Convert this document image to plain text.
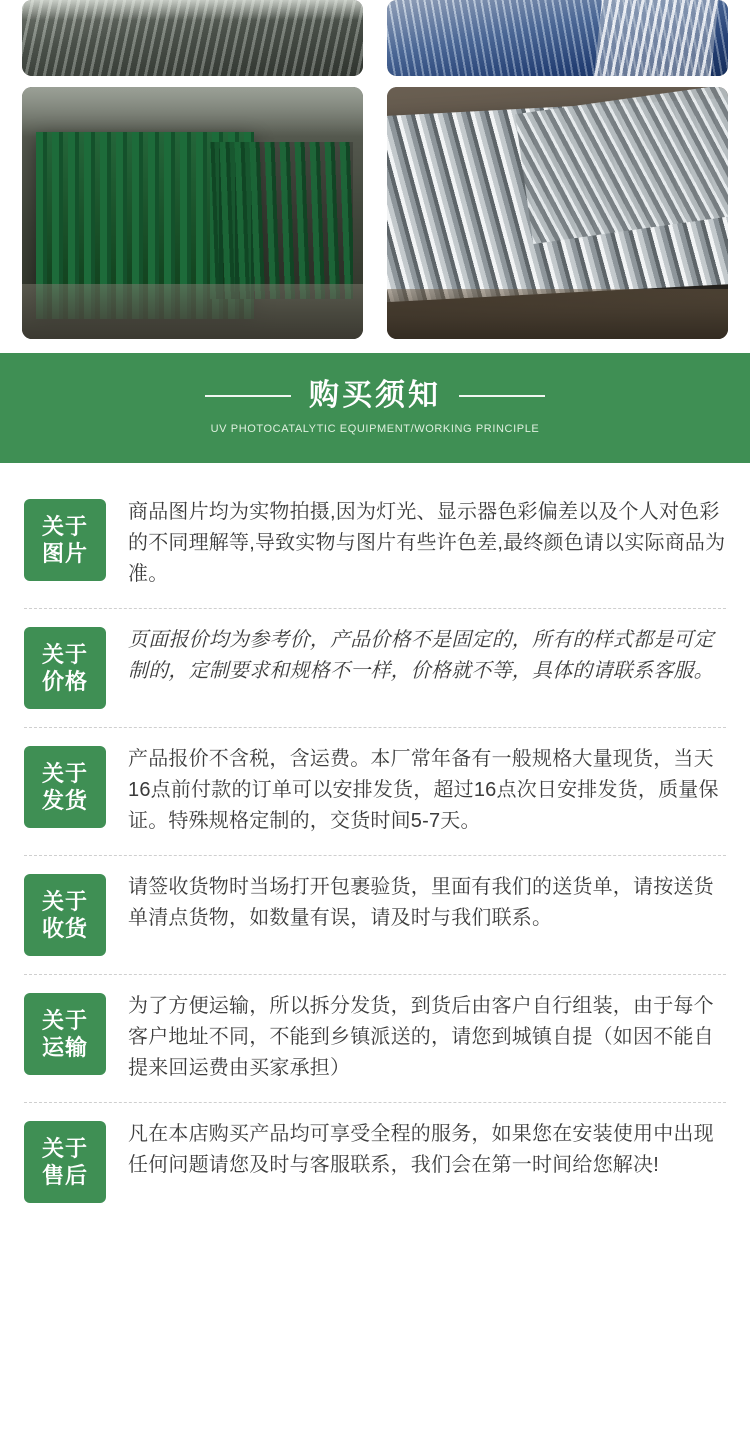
购买须知
UV PHOTOCATALYTIC EQUIPMENT/WORKING PRINCIPLE
关于
图片
商品图片均为实物拍摄,因为灯光、显示器色彩偏差以及个人对色彩的不同理解等,导致实物与图片有些许色差,最终颜色请以实际商品为准。
关于
价格
页面报价均为参考价，产品价格不是固定的，所有的样式都是可定制的，定制要求和规格不一样，价格就不等，具体的请联系客服。
关于
发货
产品报价不含税，含运费。本厂常年备有一般规格大量现货，当天16点前付款的订单可以安排发货，超过16点次日安排发货，质量保证。特殊规格定制的，交货时间5-7天。
关于
收货
请签收货物时当场打开包裹验货，里面有我们的送货单，请按送货单清点货物，如数量有误，请及时与我们联系。
关于
运输
为了方便运输，所以拆分发货，到货后由客户自行组装，由于每个客户地址不同，不能到乡镇派送的，请您到城镇自提（如因不能自提来回运费由买家承担）
关于
售后
凡在本店购买产品均可享受全程的服务，如果您在安装使用中出现任何问题请您及时与客服联系，我们会在第一时间给您解决!
